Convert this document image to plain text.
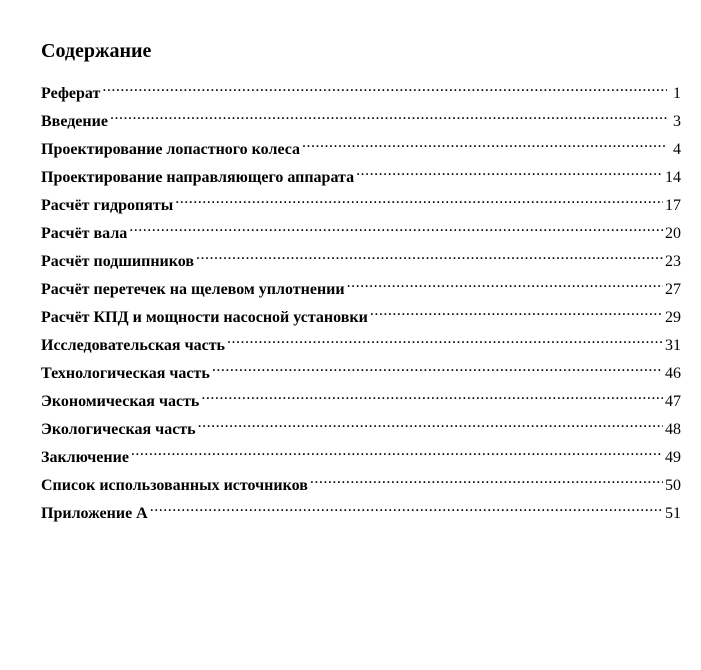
Содержание
Реферат .....	1
Введение .....	3
Проектирование лопастного колеса .....	4
Проектирование направляющего аппарата .....	14
Расчёт гидропяты .....	17
Расчёт вала .....	20
Расчёт подшипников .....	23
Расчёт перетечек на щелевом уплотнении .....	27
Расчёт КПД и мощности насосной установки .....	29
Исследовательская часть .....	31
Технологическая часть .....	46
Экономическая часть .....	47
Экологическая часть .....	48
Заключение .....	49
Список использованных источников .....	50
Приложение А .....	51
